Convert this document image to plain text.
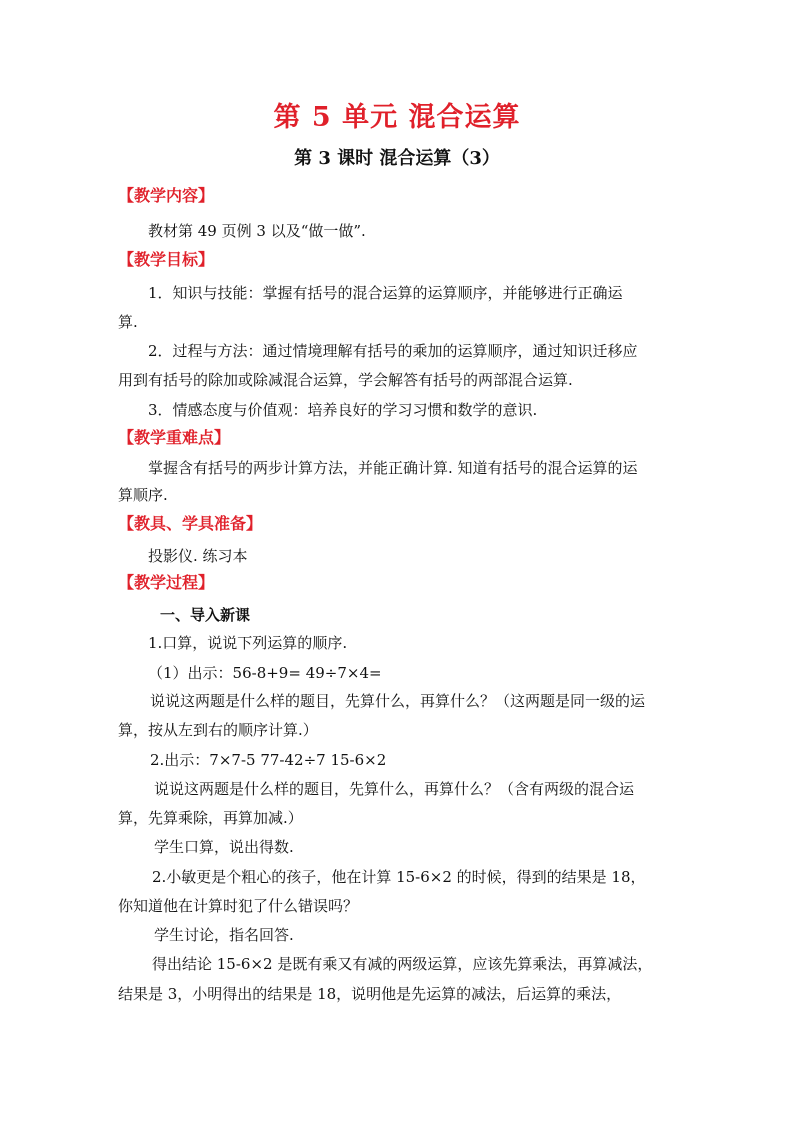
第 5 单元 混合运算
第 3 课时 混合运算（3）
【教学内容】
教材第 49 页例 3 以及“做一做”.
【教学目标】
1．知识与技能：掌握有括号的混合运算的运算顺序，并能够进行正确运
算.
2．过程与方法：通过情境理解有括号的乘加的运算顺序，通过知识迁移应
用到有括号的除加或除减混合运算，学会解答有括号的两部混合运算.
3．情感态度与价值观：培养良好的学习习惯和数学的意识.
【教学重难点】
掌握含有括号的两步计算方法，并能正确计算. 知道有括号的混合运算的运
算顺序.
【教具、学具准备】
投影仪. 练习本
【教学过程】
一、导入新课
1.口算，说说下列运算的顺序.
（1）出示：56-8+9= 49÷7×4=
说说这两题是什么样的题目，先算什么，再算什么？（这两题是同一级的运
算，按从左到右的顺序计算.）
2.出示：7×7-5 77-42÷7 15-6×2
说说这两题是什么样的题目，先算什么，再算什么？（含有两级的混合运
算，先算乘除，再算加减.）
学生口算，说出得数.
2.小敏更是个粗心的孩子，他在计算 15-6×2 的时候，得到的结果是 18，
你知道他在计算时犯了什么错误吗？
学生讨论，指名回答.
得出结论 15-6×2 是既有乘又有减的两级运算，应该先算乘法，再算减法，
结果是 3，小明得出的结果是 18，说明他是先运算的减法，后运算的乘法，
